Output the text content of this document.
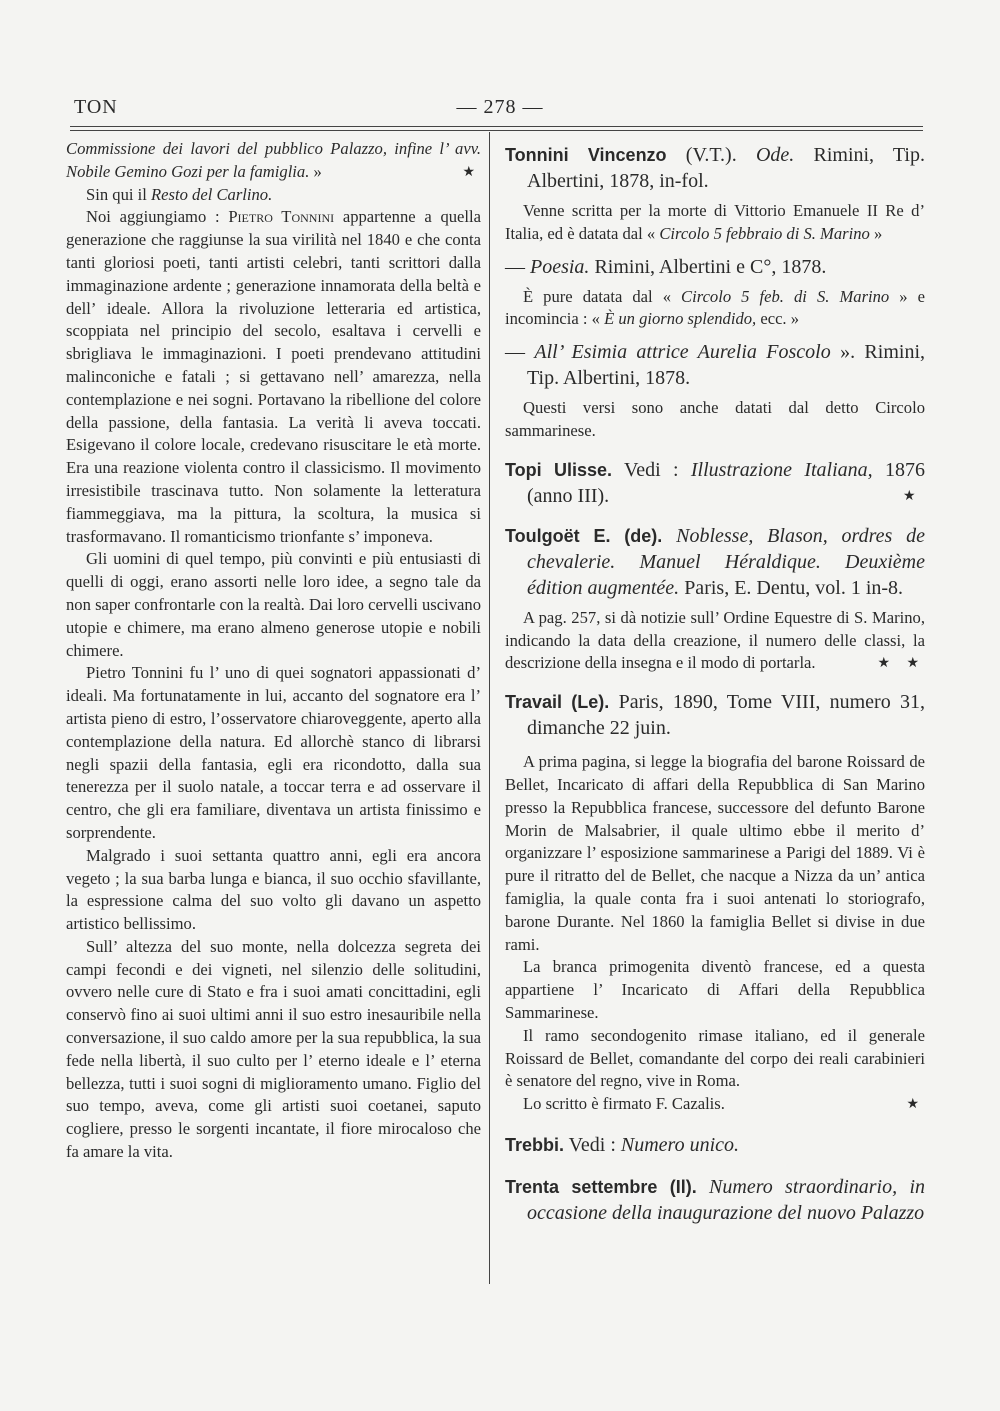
TON	— 278 —

Commissione dei lavori del pubblico Palazzo, infine l’ avv. Nobile Gemino Gozi per la famiglia. »	★

Sin qui il Resto del Carlino.

Noi aggiungiamo : Pietro Tonnini appartenne a quella generazione che raggiunse la sua virilità nel 1840 e che conta tanti gloriosi poeti, tanti artisti celebri, tanti scrittori dalla immaginazione ardente ; generazione innamorata della beltà e dell’ ideale. Allora la rivoluzione letteraria ed artistica, scoppiata nel principio del secolo, esaltava i cervelli e sbrigliava le immaginazioni. I poeti prendevano attitudini malinconiche e fatali ; si gettavano nell’ amarezza, nella contemplazione e nei sogni. Portavano la ribellione del colore della passione, della fantasia. La verità li aveva toccati. Esigevano il colore locale, credevano risuscitare le età morte. Era una reazione violenta contro il classicismo. Il movimento irresistibile trascinava tutto. Non solamente la letteratura fiammeggiava, ma la pittura, la scoltura, la musica si trasformavano. Il romanticismo trionfante s’ imponeva.

Gli uomini di quel tempo, più convinti e più entusiasti di quelli di oggi, erano assorti nelle loro idee, a segno tale da non saper confrontarle con la realtà. Dai loro cervelli uscivano utopie e chimere, ma erano almeno generose utopie e nobili chimere.

Pietro Tonnini fu l’ uno di quei sognatori appassionati d’ ideali. Ma fortunatamente in lui, accanto del sognatore era l’ artista pieno di estro, l’osservatore chiaroveggente, aperto alla contemplazione della natura. Ed allorchè stanco di librarsi negli spazii della fantasia, egli era ricondotto, dalla sua tenerezza per il suolo natale, a toccar terra e ad osservare il centro, che gli era familiare, diventava un artista finissimo e sorprendente.

Malgrado i suoi settanta quattro anni, egli era ancora vegeto ; la sua barba lunga e bianca, il suo occhio sfavillante, la espressione calma del suo volto gli davano un aspetto artistico bellissimo.

Sull’ altezza del suo monte, nella dolcezza segreta dei campi fecondi e dei vigneti, nel silenzio delle solitudini, ovvero nelle cure di Stato e fra i suoi amati concittadini, egli conservò fino ai suoi ultimi anni il suo estro inesauribile nella conversazione, il suo caldo amore per la sua repubblica, la sua fede nella libertà, il suo culto per l’ eterno ideale e l’ eterna bellezza, tutti i suoi sogni di miglioramento umano. Figlio del suo tempo, aveva, come gli artisti suoi coetanei, saputo cogliere, presso le sorgenti incantate, il fiore mirocaloso che fa amare la vita.

Tonnini Vincenzo (V.T.). Ode. Rimini, Tip. Albertini, 1878, in-fol.

Venne scritta per la morte di Vittorio Emanuele II Re d’ Italia, ed è datata dal « Circolo 5 febbraio di S. Marino »

— Poesia. Rimini, Albertini e C°, 1878.

È pure datata dal « Circolo 5 feb. di S. Marino » e incomincia : « È un giorno splendido, ecc. »

— All’ Esimia attrice Aurelia Foscolo ». Rimini, Tip. Albertini, 1878.

Questi versi sono anche datati dal detto Circolo sammarinese.

Topi Ulisse. Vedi : Illustrazione Italiana, 1876 (anno III).	★
Toulgoët E. (de). Noblesse, Blason, ordres de chevalerie. Manuel Héraldique. Deuxième édition augmentée. Paris, E. Dentu, vol. 1 in-8.

A pag. 257, si dà notizie sull’ Ordine Equestre di S. Marino, indicando la data della creazione, il numero delle classi, la descrizione della insegna e il modo di portarla.	★ ★

Travail (Le). Paris, 1890, Tome VIII, numero 31, dimanche 22 juin.

A prima pagina, si legge la biografia del barone Roissard de Bellet, Incaricato di affari della Repubblica di San Marino presso la Repubblica francese, successore del defunto Barone Morin de Malsabrier, il quale ultimo ebbe il merito d’ organizzare l’ esposizione sammarinese a Parigi del 1889. Vi è pure il ritratto del de Bellet, che nacque a Nizza da un’ antica famiglia, la quale conta fra i suoi antenati lo storiografo, barone Durante. Nel 1860 la famiglia Bellet si divise in due rami.

La branca primogenita diventò francese, ed a questa appartiene l’ Incaricato di Affari della Repubblica Sammarinese.

Il ramo secondogenito rimase italiano, ed il generale Roissard de Bellet, comandante del corpo dei reali carabinieri è senatore del regno, vive in Roma.

Lo scritto è firmato F. Cazalis.	★

Trebbi. Vedi : Numero unico.
Trenta settembre (Il). Numero straordinario, in occasione della inaugurazione del nuovo Palazzo
